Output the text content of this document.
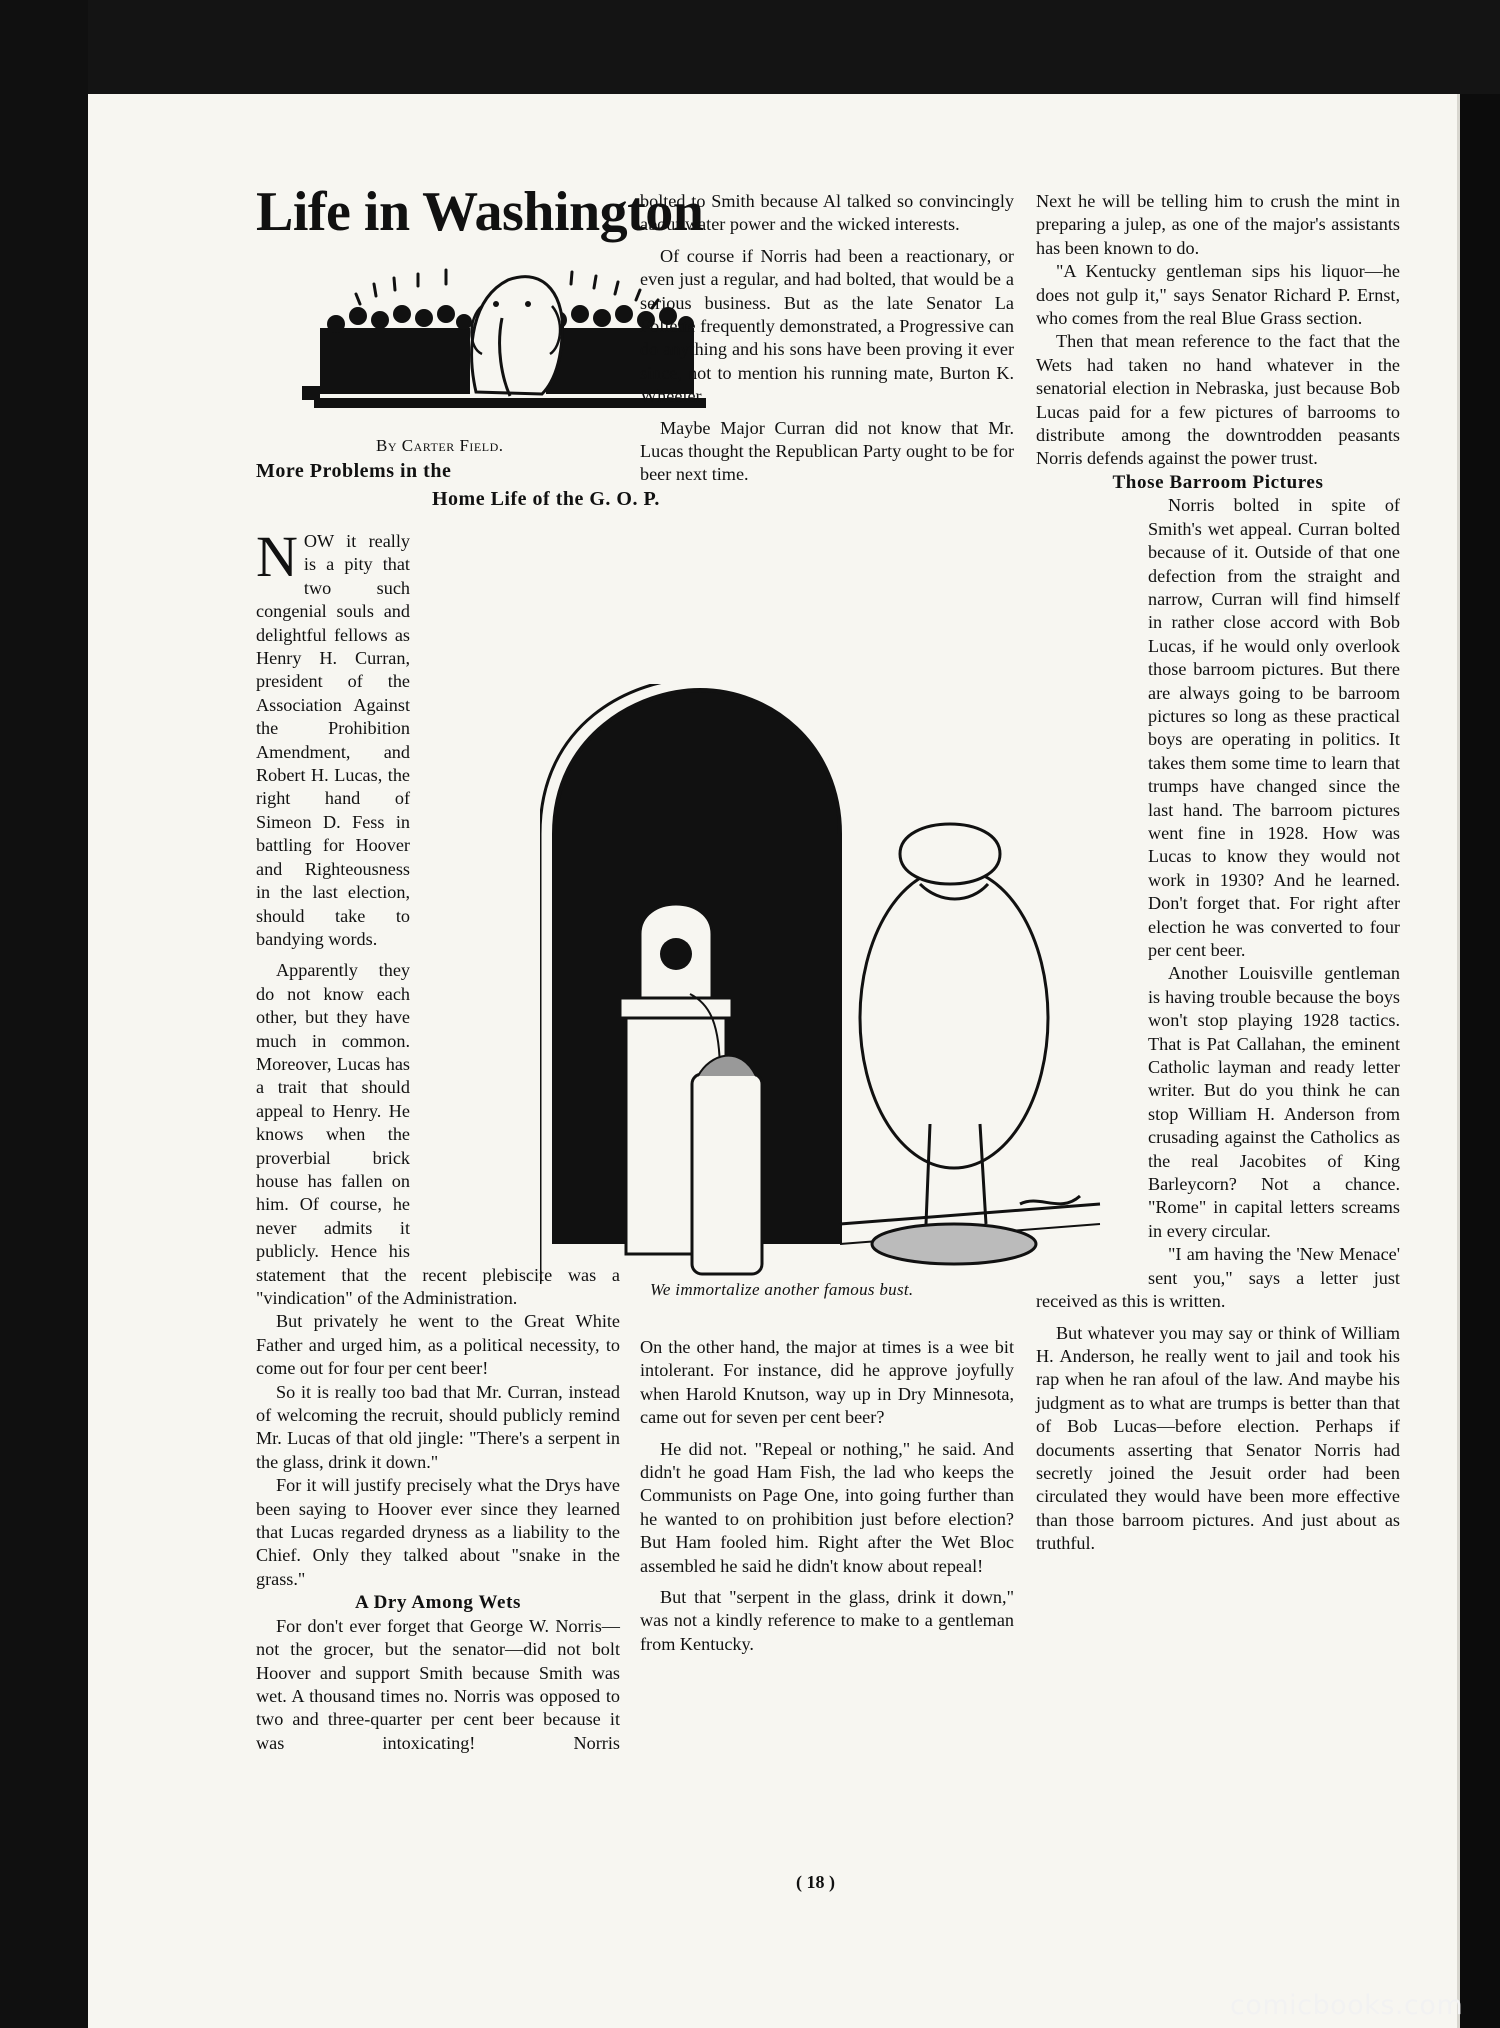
Life in Washington
By Carter Field.
More Problems in the
Home Life of the G. O. P.

NOW it really is a pity that two such congenial souls and delightful fellows as Henry H. Curran, president of the Association Against the Prohibition Amendment, and Robert H. Lucas, the right hand of Simeon D. Fess in battling for Hoover and Righteousness in the last election, should take to bandying words.

Apparently they do not know each other, but they have much in common. Moreover, Lucas has a trait that should appeal to Henry. He knows when the proverbial brick house has fallen on him. Of course, he never admits it publicly. Hence his statement that the recent plebiscite was a "vindication" of the Administration.

But privately he went to the Great White Father and urged him, as a political necessity, to come out for four per cent beer!

So it is really too bad that Mr. Curran, instead of welcoming the recruit, should publicly remind Mr. Lucas of that old jingle: "There's a serpent in the glass, drink it down."

For it will justify precisely what the Drys have been saying to Hoover ever since they learned that Lucas regarded dryness as a liability to the Chief. Only they talked about "snake in the grass."

A Dry Among Wets

For don't ever forget that George W. Norris—not the grocer, but the senator—did not bolt Hoover and support Smith because Smith was wet. A thousand times no. Norris was opposed to two and three-quarter per cent beer because it was intoxicating! Norris

bolted to Smith because Al talked so convincingly about water power and the wicked interests.

Of course if Norris had been a reactionary, or even just a regular, and had bolted, that would be a serious business. But as the late Senator La Follette frequently demonstrated, a Progressive can do anything and his sons have been proving it ever since, not to mention his running mate, Burton K. Wheeler.

Maybe Major Curran did not know that Mr. Lucas thought the Republican Party ought to be for beer next time.

On the other hand, the major at times is a wee bit intolerant. For instance, did he approve joyfully when Harold Knutson, way up in Dry Minnesota, came out for seven per cent beer?

He did not. "Repeal or nothing," he said. And didn't he goad Ham Fish, the lad who keeps the Communists on Page One, into going further than he wanted to on prohibition just before election? But Ham fooled him. Right after the Wet Bloc assembled he said he didn't know about repeal!

But that "serpent in the glass, drink it down," was not a kindly reference to make to a gentleman from Kentucky.

We immortalize another famous bust.

Next he will be telling him to crush the mint in preparing a julep, as one of the major's assistants has been known to do.

"A Kentucky gentleman sips his liquor—he does not gulp it," says Senator Richard P. Ernst, who comes from the real Blue Grass section.

Then that mean reference to the fact that the Wets had taken no hand whatever in the senatorial election in Nebraska, just because Bob Lucas paid for a few pictures of barrooms to distribute among the downtrodden peasants Norris defends against the power trust.

Those Barroom Pictures

Norris bolted in spite of Smith's wet appeal. Curran bolted because of it. Outside of that one defection from the straight and narrow, Curran will find himself in rather close accord with Bob Lucas, if he would only overlook those barroom pictures. But there are always going to be barroom pictures so long as these practical boys are operating in politics. It takes them some time to learn that trumps have changed since the last hand. The barroom pictures went fine in 1928. How was Lucas to know they would not work in 1930? And he learned. Don't forget that. For right after election he was converted to four per cent beer.

Another Louisville gentleman is having trouble because the boys won't stop playing 1928 tactics. That is Pat Callahan, the eminent Catholic layman and ready letter writer. But do you think he can stop William H. Anderson from crusading against the Catholics as the real Jacobites of King Barleycorn? Not a chance. "Rome" in capital letters screams in every circular.

"I am having the 'New Menace' sent you," says a letter just received as this is written.

But whatever you may say or think of William H. Anderson, he really went to jail and took his rap when he ran afoul of the law. And maybe his judgment as to what are trumps is better than that of Bob Lucas—before election. Perhaps if documents asserting that Senator Norris had secretly joined the Jesuit order had been circulated they would have been more effective than those barroom pictures. And just about as truthful.

( 18 )
comicbooks.com
